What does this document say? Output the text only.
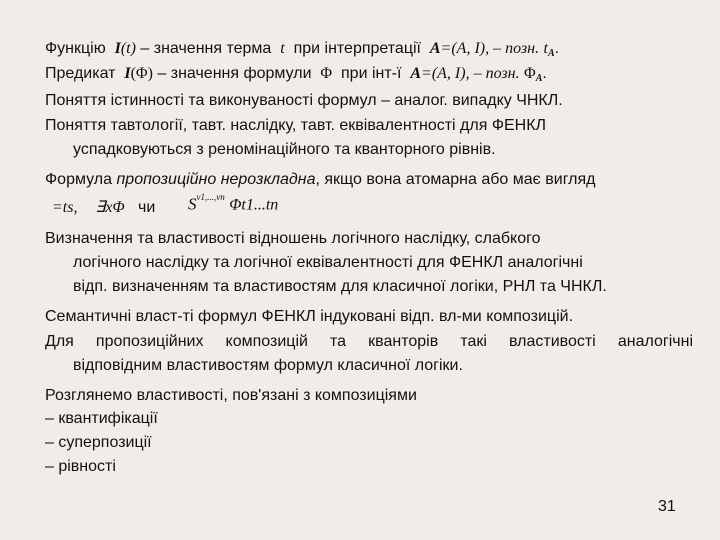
Функцію I(t) – значення терма t при інтерпретації A=(A, I), – позн. $t_A$.
Предикат I(Φ) – значення формули Φ при інт-ї A=(A, I), – позн. $\Phi_A$.
Поняття істинності та виконуваності формул – аналог. випадку ЧНКЛ.
Поняття тавтології, тавт. наслідку, тавт. еквівалентності для ФЕНКЛ
успадковуються з реномінаційного та кванторного рівнів.
Формула пропозиційно нерозкладна, якщо вона атомарна або має вигляд
=ts, ∃xΦ чи $S^{v1,...,vn}$ Φt1...tn
Визначення та властивості відношень логічного наслідку, слабкого
логічного наслідку та логічної еквівалентності для ФЕНКЛ аналогічні
відп. визначенням та властивостям для класичної логіки, РНЛ та ЧНКЛ.
Семантичні власт-ті формул ФЕНКЛ індуковані відп. вл-ми композицій.
Для пропозиційних композицій та кванторів такі властивості аналогічні
відповідним властивостям формул класичної логіки.
Розглянемо властивості, пов'язані з композиціями
– квантифікації
– суперпозиції
– рівності
31
